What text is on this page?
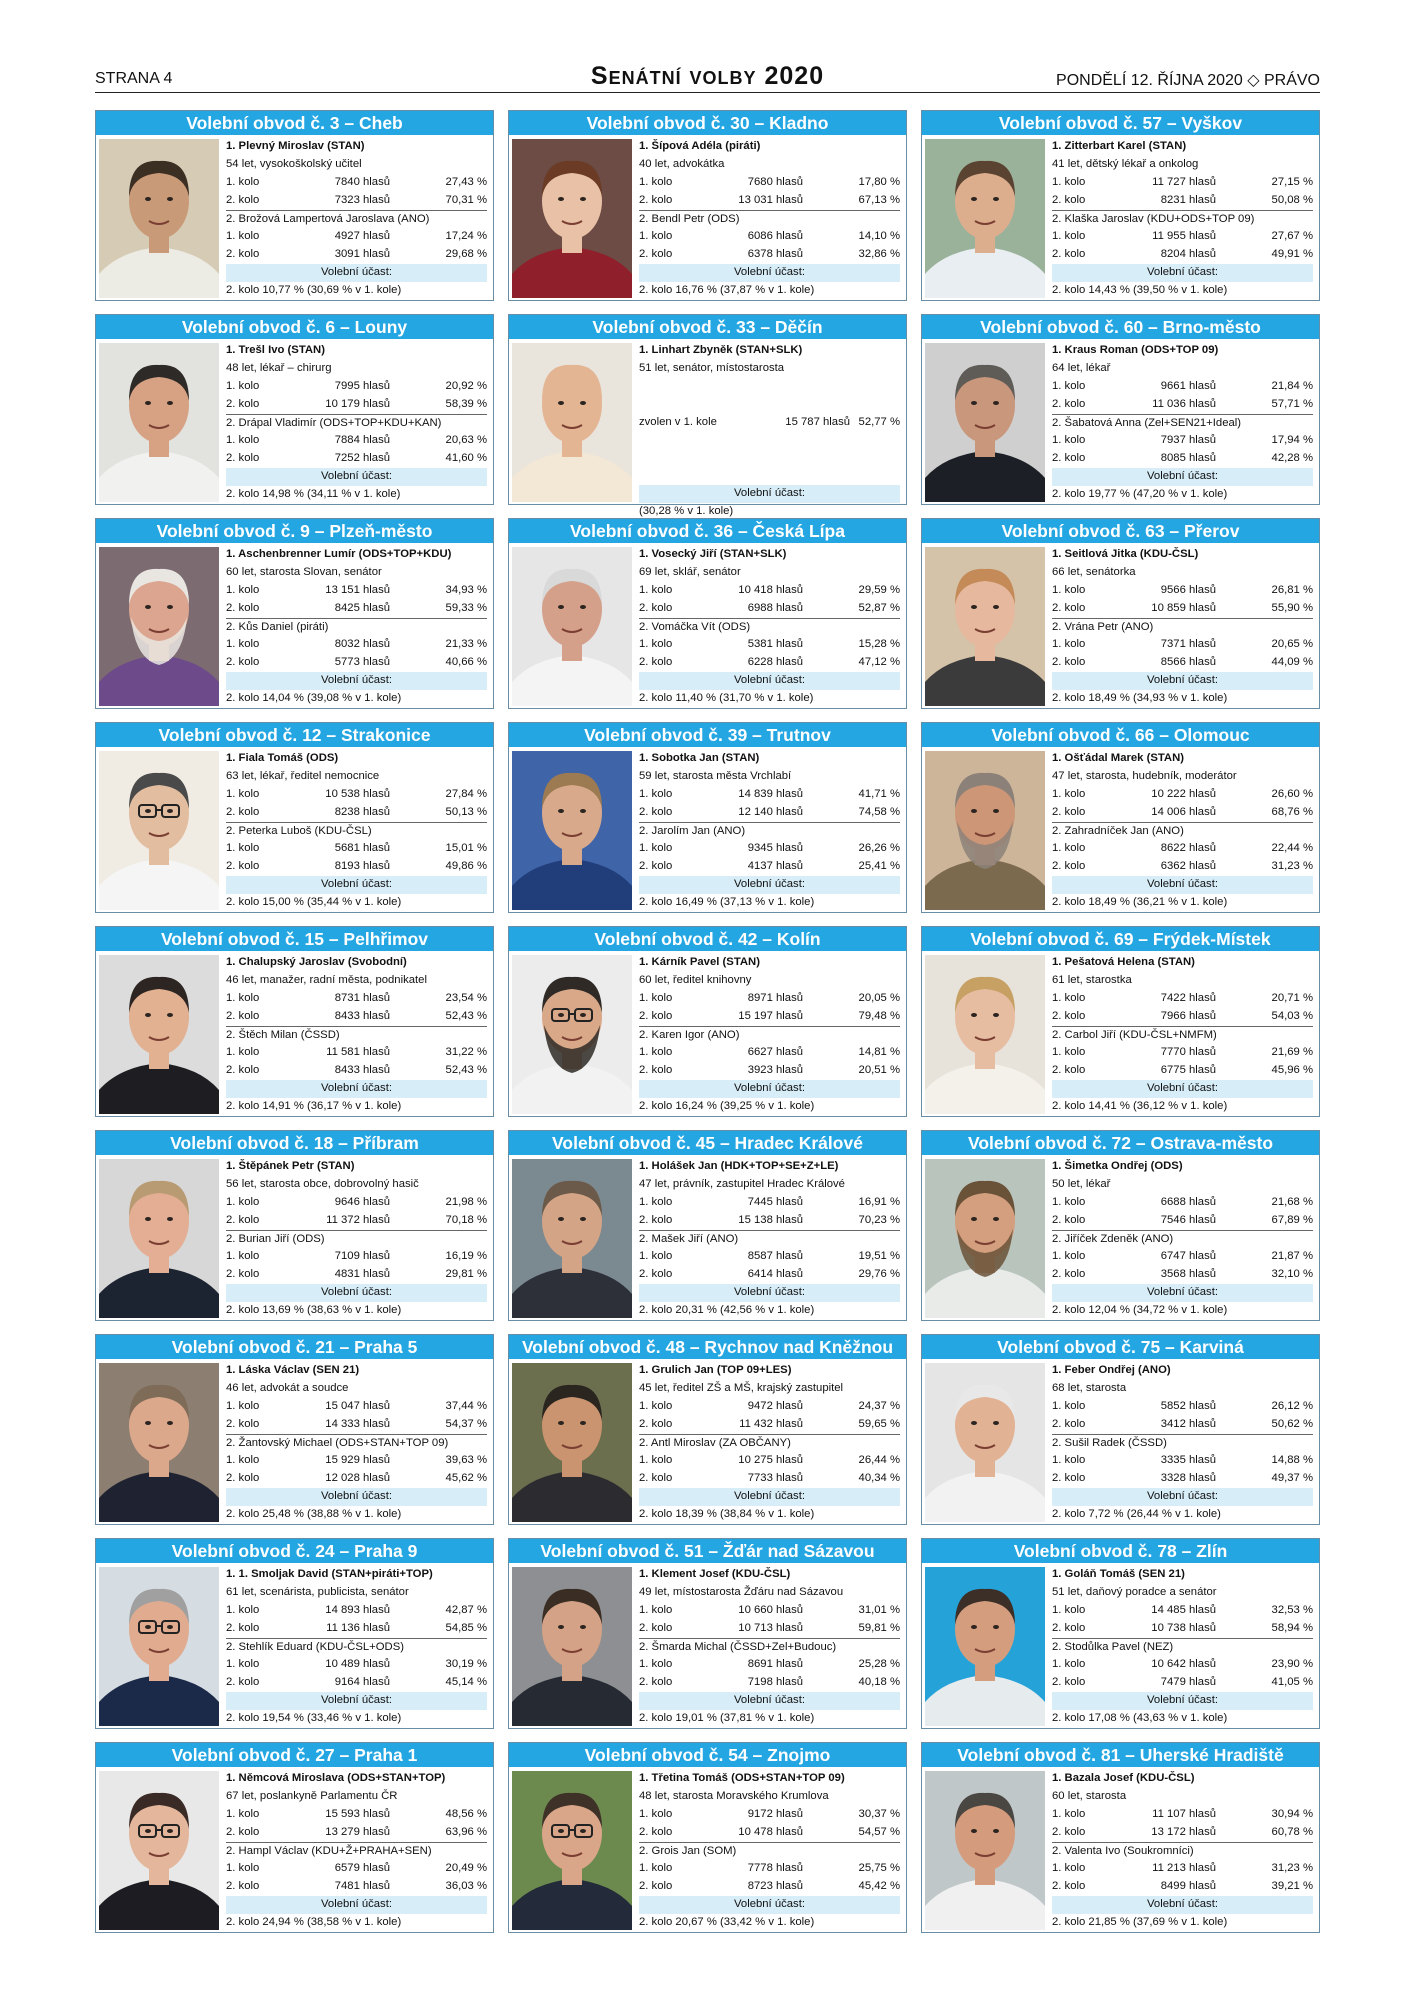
STRANA 4	Senátní volby 2020	PONDĚLÍ 12. ŘÍJNA 2020 ◇ PRÁVO
Volební obvod č. 3 – Cheb
1. Plevný Miroslav (STAN)
54 let, vysokoškolský učitel
1. kolo	7840 hlasů	27,43 %
2. kolo	7323 hlasů	70,31 %
2. Brožová Lampertová Jaroslava (ANO)
1. kolo	4927 hlasů	17,24 %
2. kolo	3091 hlasů	29,68 %
Volební účast:
2. kolo 10,77 % (30,69 % v 1. kole)
Volební obvod č. 30 – Kladno
1. Šípová Adéla (piráti)
40 let, advokátka
1. kolo	7680 hlasů	17,80 %
2. kolo	13 031 hlasů	67,13 %
2. Bendl Petr (ODS)
1. kolo	6086 hlasů	14,10 %
2. kolo	6378 hlasů	32,86 %
Volební účast:
2. kolo 16,76 % (37,87 % v 1. kole)
Volební obvod č. 57 – Vyškov
1. Zitterbart Karel (STAN)
41 let, dětský lékař a onkolog
1. kolo	11 727 hlasů	27,15 %
2. kolo	8231 hlasů	50,08 %
2. Klaška Jaroslav (KDU+ODS+TOP 09)
1. kolo	11 955 hlasů	27,67 %
2. kolo	8204 hlasů	49,91 %
Volební účast:
2. kolo 14,43 % (39,50 % v 1. kole)
Volební obvod č. 6 – Louny
1. Trešl Ivo (STAN)
48 let, lékař – chirurg
1. kolo	7995 hlasů	20,92 %
2. kolo	10 179 hlasů	58,39 %
2. Drápal Vladimír (ODS+TOP+KDU+KAN)
1. kolo	7884 hlasů	20,63 %
2. kolo	7252 hlasů	41,60 %
Volební účast:
2. kolo 14,98 % (34,11 % v 1. kole)
Volební obvod č. 33 – Děčín
1. Linhart Zbyněk (STAN+SLK)
51 let, senátor, místostarosta
zvolen v 1. kole	15 787 hlasů 52,77 %
Volební účast:
(30,28 % v 1. kole)
Volební obvod č. 60 – Brno-město
1. Kraus Roman (ODS+TOP 09)
64 let, lékař
1. kolo	9661 hlasů	21,84 %
2. kolo	11 036 hlasů	57,71 %
2. Šabatová Anna (Zel+SEN21+Ideal)
1. kolo	7937 hlasů	17,94 %
2. kolo	8085 hlasů	42,28 %
Volební účast:
2. kolo 19,77 % (47,20 % v 1. kole)
Volební obvod č. 9 – Plzeň-město
1. Aschenbrenner Lumír (ODS+TOP+KDU)
60 let, starosta Slovan, senátor
1. kolo	13 151 hlasů	34,93 %
2. kolo	8425 hlasů	59,33 %
2. Kůs Daniel (piráti)
1. kolo	8032 hlasů	21,33 %
2. kolo	5773 hlasů	40,66 %
Volební účast:
2. kolo 14,04 % (39,08 % v 1. kole)
Volební obvod č. 36 – Česká Lípa
1. Vosecký Jiří (STAN+SLK)
69 let, sklář, senátor
1. kolo	10 418 hlasů	29,59 %
2. kolo	6988 hlasů	52,87 %
2. Vomáčka Vít (ODS)
1. kolo	5381 hlasů	15,28 %
2. kolo	6228 hlasů	47,12 %
Volební účast:
2. kolo 11,40 % (31,70 % v 1. kole)
Volební obvod č. 63 – Přerov
1. Seitlová Jitka (KDU-ČSL)
66 let, senátorka
1. kolo	9566 hlasů	26,81 %
2. kolo	10 859 hlasů	55,90 %
2. Vrána Petr (ANO)
1. kolo	7371 hlasů	20,65 %
2. kolo	8566 hlasů	44,09 %
Volební účast:
2. kolo 18,49 % (34,93 % v 1. kole)
Volební obvod č. 12 – Strakonice
1. Fiala Tomáš (ODS)
63 let, lékař, ředitel nemocnice
1. kolo	10 538 hlasů	27,84 %
2. kolo	8238 hlasů	50,13 %
2. Peterka Luboš (KDU-ČSL)
1. kolo	5681 hlasů	15,01 %
2. kolo	8193 hlasů	49,86 %
Volební účast:
2. kolo 15,00 % (35,44 % v 1. kole)
Volební obvod č. 39 – Trutnov
1. Sobotka Jan (STAN)
59 let, starosta města Vrchlabí
1. kolo	14 839 hlasů	41,71 %
2. kolo	12 140 hlasů	74,58 %
2. Jarolím Jan (ANO)
1. kolo	9345 hlasů	26,26 %
2. kolo	4137 hlasů	25,41 %
Volební účast:
2. kolo 16,49 % (37,13 % v 1. kole)
Volební obvod č. 66 – Olomouc
1. Ošťádal Marek (STAN)
47 let, starosta, hudebník, moderátor
1. kolo	10 222 hlasů	26,60 %
2. kolo	14 006 hlasů	68,76 %
2. Zahradníček Jan (ANO)
1. kolo	8622 hlasů	22,44 %
2. kolo	6362 hlasů	31,23 %
Volební účast:
2. kolo 18,49 % (36,21 % v 1. kole)
Volební obvod č. 15 – Pelhřimov
1. Chalupský Jaroslav (Svobodní)
46 let, manažer, radní města, podnikatel
1. kolo	8731 hlasů	23,54 %
2. kolo	8433 hlasů	52,43 %
2. Štěch Milan (ČSSD)
1. kolo	11 581 hlasů	31,22 %
2. kolo	8433 hlasů	52,43 %
Volební účast:
2. kolo 14,91 % (36,17 % v 1. kole)
Volební obvod č. 42 – Kolín
1. Kárník Pavel (STAN)
60 let, ředitel knihovny
1. kolo	8971 hlasů	20,05 %
2. kolo	15 197 hlasů	79,48 %
2. Karen Igor (ANO)
1. kolo	6627 hlasů	14,81 %
2. kolo	3923 hlasů	20,51 %
Volební účast:
2. kolo 16,24 % (39,25 % v 1. kole)
Volební obvod č. 69 – Frýdek-Místek
1. Pešatová Helena (STAN)
61 let, starostka
1. kolo	7422 hlasů	20,71 %
2. kolo	7966 hlasů	54,03 %
2. Carbol Jiří (KDU-ČSL+NMFM)
1. kolo	7770 hlasů	21,69 %
2. kolo	6775 hlasů	45,96 %
Volební účast:
2. kolo 14,41 % (36,12 % v 1. kole)
Volební obvod č. 18 – Příbram
1. Štěpánek Petr (STAN)
56 let, starosta obce, dobrovolný hasič
1. kolo	9646 hlasů	21,98 %
2. kolo	11 372 hlasů	70,18 %
2. Burian Jiří (ODS)
1. kolo	7109 hlasů	16,19 %
2. kolo	4831 hlasů	29,81 %
Volební účast:
2. kolo 13,69 % (38,63 % v 1. kole)
Volební obvod č. 45 – Hradec Králové
1. Holášek Jan (HDK+TOP+SE+Z+LE)
47 let, právník, zastupitel Hradec Králové
1. kolo	7445 hlasů	16,91 %
2. kolo	15 138 hlasů	70,23 %
2. Mašek Jiří (ANO)
1. kolo	8587 hlasů	19,51 %
2. kolo	6414 hlasů	29,76 %
Volební účast:
2. kolo 20,31 % (42,56 % v 1. kole)
Volební obvod č. 72 – Ostrava-město
1. Šimetka Ondřej (ODS)
50 let, lékař
1. kolo	6688 hlasů	21,68 %
2. kolo	7546 hlasů	67,89 %
2. Jiříček Zdeněk (ANO)
1. kolo	6747 hlasů	21,87 %
2. kolo	3568 hlasů	32,10 %
Volební účast:
2. kolo 12,04 % (34,72 % v 1. kole)
Volební obvod č. 21 – Praha 5
1. Láska Václav (SEN 21)
46 let, advokát a soudce
1. kolo	15 047 hlasů	37,44 %
2. kolo	14 333 hlasů	54,37 %
2. Žantovský Michael (ODS+STAN+TOP 09)
1. kolo	15 929 hlasů	39,63 %
2. kolo	12 028 hlasů	45,62 %
Volební účast:
2. kolo 25,48 % (38,88 % v 1. kole)
Volební obvod č. 48 – Rychnov nad Kněžnou
1. Grulich Jan (TOP 09+LES)
45 let, ředitel ZŠ a MŠ, krajský zastupitel
1. kolo	9472 hlasů	24,37 %
2. kolo	11 432 hlasů	59,65 %
2. Antl Miroslav (ZA OBČANY)
1. kolo	10 275 hlasů	26,44 %
2. kolo	7733 hlasů	40,34 %
Volební účast:
2. kolo 18,39 % (38,84 % v 1. kole)
Volební obvod č. 75 – Karviná
1. Feber Ondřej (ANO)
68 let, starosta
1. kolo	5852 hlasů	26,12 %
2. kolo	3412 hlasů	50,62 %
2. Sušil Radek (ČSSD)
1. kolo	3335 hlasů	14,88 %
2. kolo	3328 hlasů	49,37 %
Volební účast:
2. kolo 7,72 % (26,44 % v 1. kole)
Volební obvod č. 24 – Praha 9
1. 1. Smoljak David (STAN+piráti+TOP)
61 let, scenárista, publicista, senátor
1. kolo	14 893 hlasů	42,87 %
2. kolo	11 136 hlasů	54,85 %
2. Stehlík Eduard (KDU-ČSL+ODS)
1. kolo	10 489 hlasů	30,19 %
2. kolo	9164 hlasů	45,14 %
Volební účast:
2. kolo 19,54 % (33,46 % v 1. kole)
Volební obvod č. 51 – Žďár nad Sázavou
1. Klement Josef (KDU-ČSL)
49 let, místostarosta Žďáru nad Sázavou
1. kolo	10 660 hlasů	31,01 %
2. kolo	10 713 hlasů	59,81 %
2. Šmarda Michal (ČSSD+Zel+Budouc)
1. kolo	8691 hlasů	25,28 %
2. kolo	7198 hlasů	40,18 %
Volební účast:
2. kolo 19,01 % (37,81 % v 1. kole)
Volební obvod č. 78 – Zlín
1. Goláň Tomáš (SEN 21)
51 let, daňový poradce a senátor
1. kolo	14 485 hlasů	32,53 %
2. kolo	10 738 hlasů	58,94 %
2. Stodůlka Pavel (NEZ)
1. kolo	10 642 hlasů	23,90 %
2. kolo	7479 hlasů	41,05 %
Volební účast:
2. kolo 17,08 % (43,63 % v 1. kole)
Volební obvod č. 27 – Praha 1
1. Němcová Miroslava (ODS+STAN+TOP)
67 let, poslankyně Parlamentu ČR
1. kolo	15 593 hlasů	48,56 %
2. kolo	13 279 hlasů	63,96 %
2. Hampl Václav (KDU+Ž+PRAHA+SEN)
1. kolo	6579 hlasů	20,49 %
2. kolo	7481 hlasů	36,03 %
Volební účast:
2. kolo 24,94 % (38,58 % v 1. kole)
Volební obvod č. 54 – Znojmo
1. Třetina Tomáš (ODS+STAN+TOP 09)
48 let, starosta Moravského Krumlova
1. kolo	9172 hlasů	30,37 %
2. kolo	10 478 hlasů	54,57 %
2. Grois Jan (SOM)
1. kolo	7778 hlasů	25,75 %
2. kolo	8723 hlasů	45,42 %
Volební účast:
2. kolo 20,67 % (33,42 % v 1. kole)
Volební obvod č. 81 – Uherské Hradiště
1. Bazala Josef (KDU-ČSL)
60 let, starosta
1. kolo	11 107 hlasů	30,94 %
2. kolo	13 172 hlasů	60,78 %
2. Valenta Ivo (Soukromníci)
1. kolo	11 213 hlasů	31,23 %
2. kolo	8499 hlasů	39,21 %
Volební účast:
2. kolo 21,85 % (37,69 % v 1. kole)
